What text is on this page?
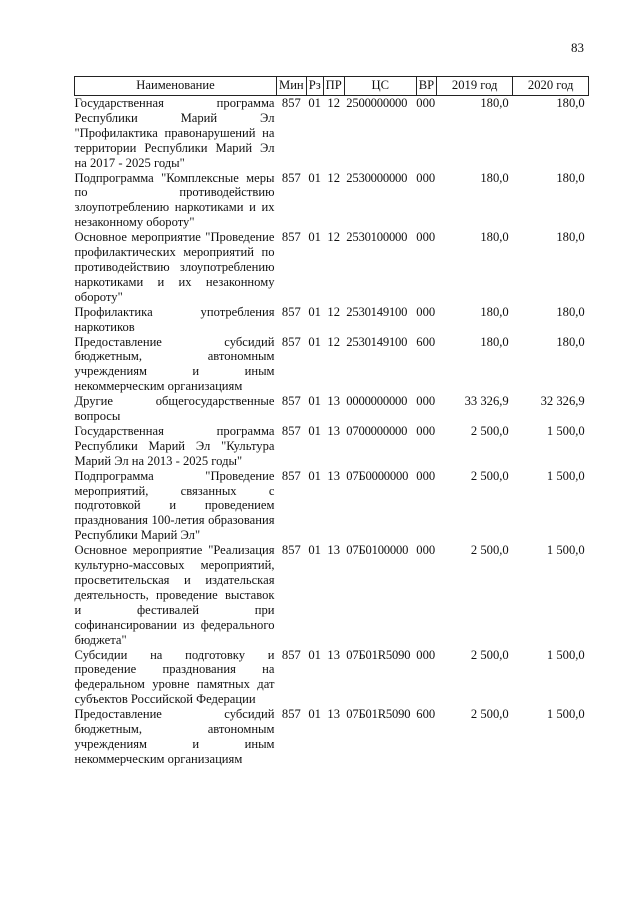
83
Наименование	Мин	Рз	ПР	ЦС	ВР	2019 год	2020 год
Государственная программа Республики Марий Эл "Профилактика правонарушений на территории Республики Марий Эл на 2017 - 2025 годы"	857	01	12	2500000000	000	180,0	180,0
Подпрограмма "Комплексные меры по противодействию злоупотреблению наркотиками и их незаконному обороту"	857	01	12	2530000000	000	180,0	180,0
Основное мероприятие "Проведение профилактических мероприятий по противодействию злоупотреблению наркотиками и их незаконному обороту"	857	01	12	2530100000	000	180,0	180,0
Профилактика употребления наркотиков	857	01	12	2530149100	000	180,0	180,0
Предоставление субсидий бюджетным, автономным учреждениям и иным некоммерческим организациям	857	01	12	2530149100	600	180,0	180,0
Другие общегосударственные вопросы	857	01	13	0000000000	000	33 326,9	32 326,9
Государственная программа Республики Марий Эл "Культура Марий Эл на 2013 - 2025 годы"	857	01	13	0700000000	000	2 500,0	1 500,0
Подпрограмма "Проведение мероприятий, связанных с подготовкой и проведением празднования 100-летия образования Республики Марий Эл"	857	01	13	07Б0000000	000	2 500,0	1 500,0
Основное мероприятие "Реализация культурно-массовых мероприятий, просветительская и издательская деятельность, проведение выставок и фестивалей при софинансировании из федерального бюджета"	857	01	13	07Б0100000	000	2 500,0	1 500,0
Субсидии на подготовку и проведение празднования на федеральном уровне памятных дат субъектов Российской Федерации	857	01	13	07Б01R5090	000	2 500,0	1 500,0
Предоставление субсидий бюджетным, автономным учреждениям и иным некоммерческим организациям	857	01	13	07Б01R5090	600	2 500,0	1 500,0
